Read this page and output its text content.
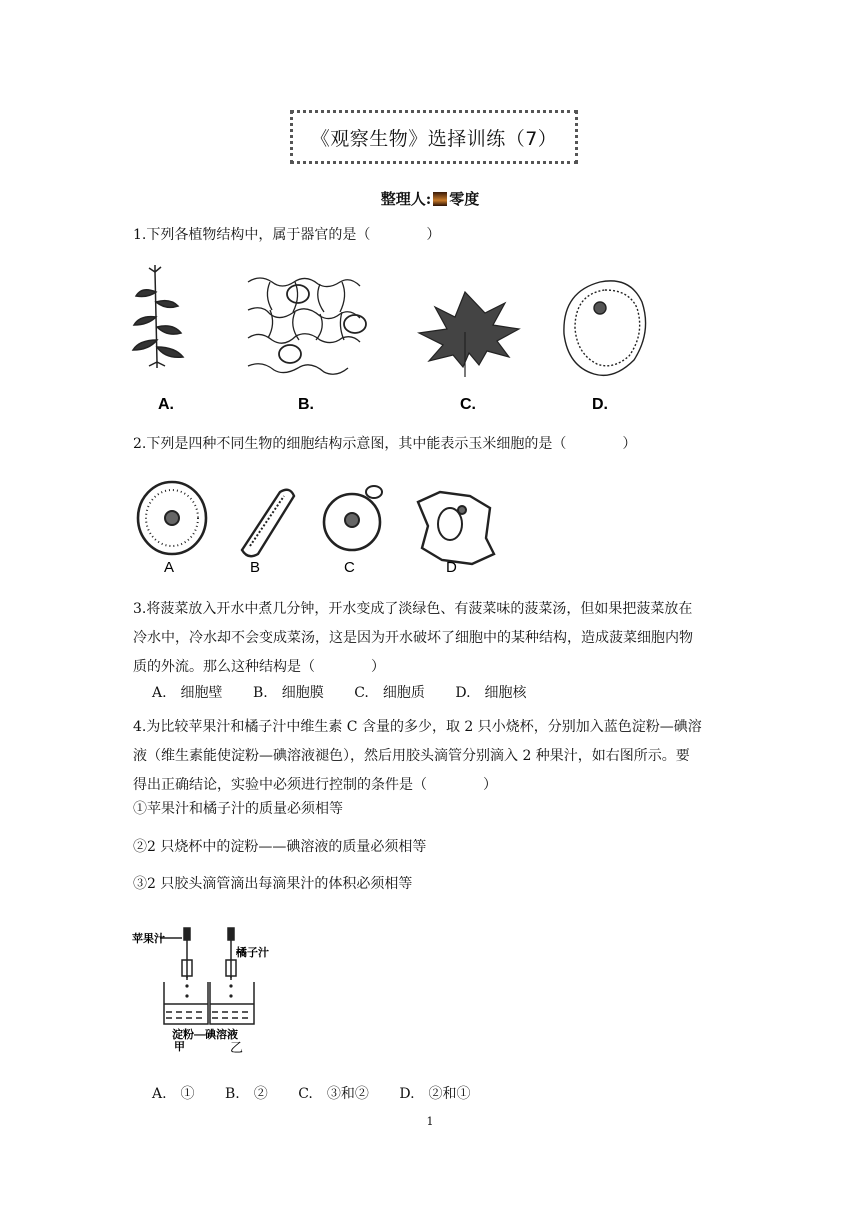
《观察生物》选择训练（7）
整理人: 零度
1.下列各植物结构中，属于器官的是（　　　　）
A.	B.	C.	D.
2.下列是四种不同生物的细胞结构示意图，其中能表示玉米细胞的是（　　　　）
A	B	C	D
3.将菠菜放入开水中煮几分钟，开水变成了淡绿色、有菠菜味的菠菜汤，但如果把菠菜放在
冷水中，冷水却不会变成菜汤，这是因为开水破坏了细胞中的某种结构，造成菠菜细胞内物
质的外流。那么这种结构是（　　　　）
A.　细胞壁 B.　细胞膜 C.　细胞质 D.　细胞核
4.为比较苹果汁和橘子汁中维生素 C 含量的多少，取 2 只小烧杯，分别加入蓝色淀粉—碘溶
液（维生素能使淀粉—碘溶液褪色），然后用胶头滴管分别滴入 2 种果汁，如右图所示。要
得出正确结论，实验中必须进行控制的条件是（　　　　）
①苹果汁和橘子汁的质量必须相等
②2 只烧杯中的淀粉——碘溶液的质量必须相等
③2 只胶头滴管滴出每滴果汁的体积必须相等
苹果汁
橘子汁
淀粉—碘溶液
甲	乙
A.　① B.　② C.　③和② D.　②和①
1
